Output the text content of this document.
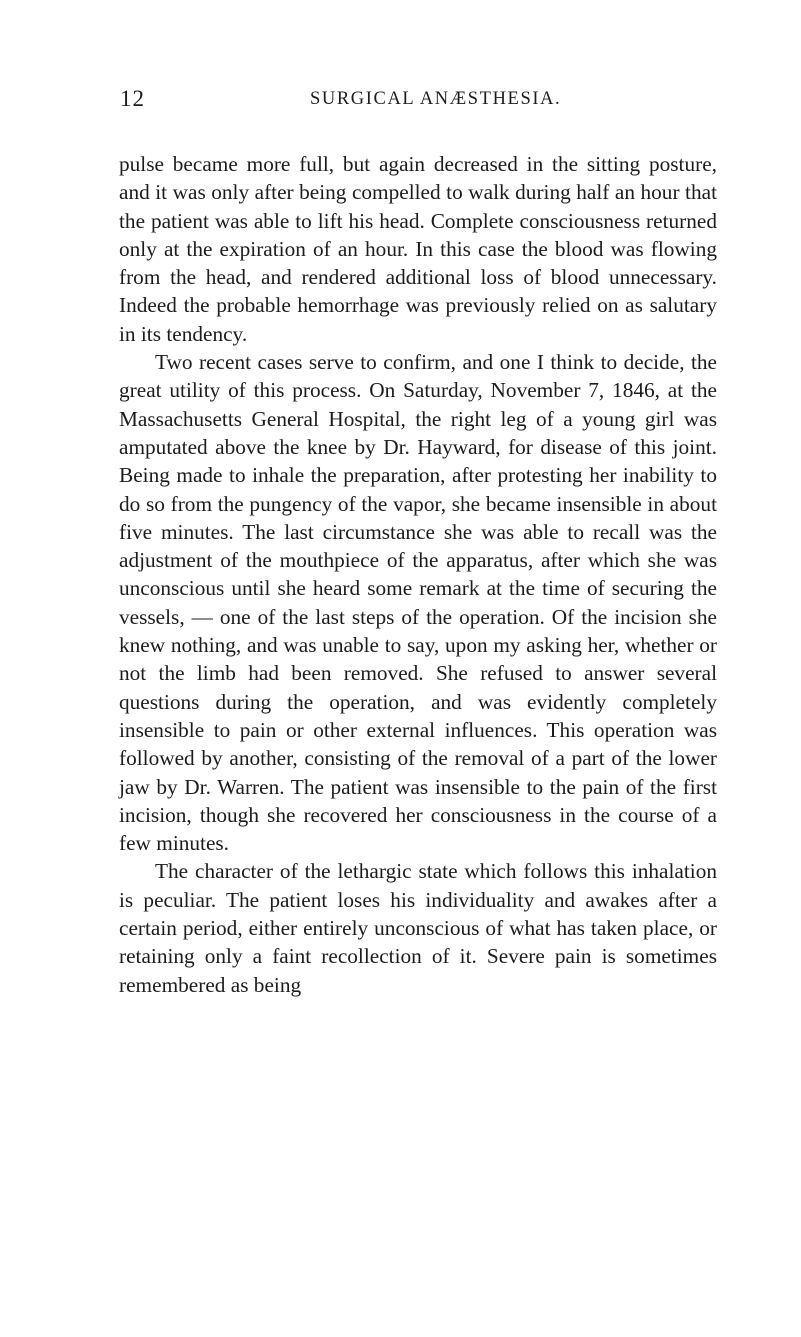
12	SURGICAL ANÆSTHESIA.

pulse became more full, but again decreased in the sitting posture, and it was only after being compelled to walk during half an hour that the patient was able to lift his head. Complete consciousness returned only at the expiration of an hour. In this case the blood was flowing from the head, and rendered additional loss of blood unnecessary. Indeed the probable hemorrhage was previously relied on as salutary in its tendency.

Two recent cases serve to confirm, and one I think to decide, the great utility of this process. On Saturday, November 7, 1846, at the Massachusetts General Hospital, the right leg of a young girl was amputated above the knee by Dr. Hayward, for disease of this joint. Being made to inhale the preparation, after protesting her inability to do so from the pungency of the vapor, she became insensible in about five minutes. The last circumstance she was able to recall was the adjustment of the mouthpiece of the apparatus, after which she was unconscious until she heard some remark at the time of securing the vessels, — one of the last steps of the operation. Of the incision she knew nothing, and was unable to say, upon my asking her, whether or not the limb had been removed. She refused to answer several questions during the operation, and was evidently completely insensible to pain or other external influences. This operation was followed by another, consisting of the removal of a part of the lower jaw by Dr. Warren. The patient was insensible to the pain of the first incision, though she recovered her consciousness in the course of a few minutes.

The character of the lethargic state which follows this inhalation is peculiar. The patient loses his individuality and awakes after a certain period, either entirely unconscious of what has taken place, or retaining only a faint recollection of it. Severe pain is sometimes remembered as being
